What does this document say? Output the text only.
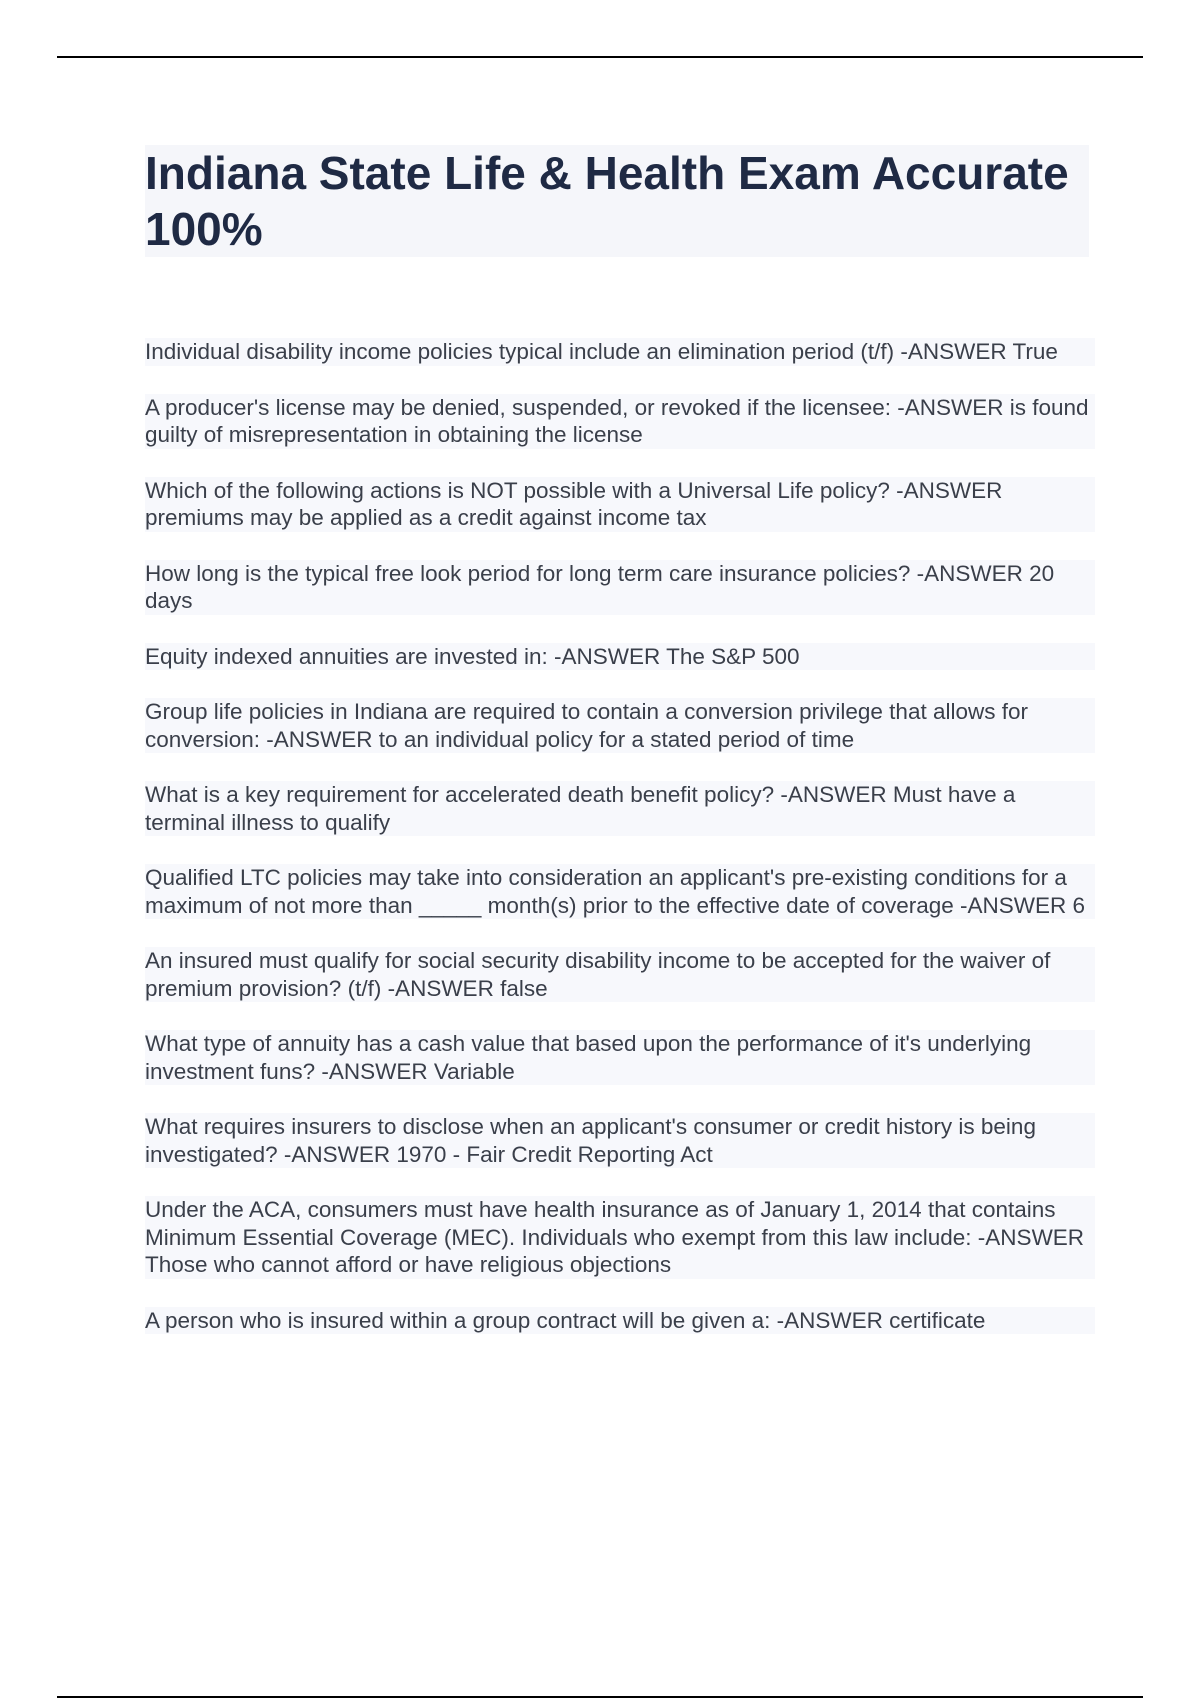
Indiana State Life & Health Exam Accurate 100%

Individual disability income policies typical include an elimination period (t/f) -ANSWER True

A producer's license may be denied, suspended, or revoked if the licensee: -ANSWER is found guilty of misrepresentation in obtaining the license

Which of the following actions is NOT possible with a Universal Life policy? -ANSWER premiums may be applied as a credit against income tax

How long is the typical free look period for long term care insurance policies? -ANSWER 20 days

Equity indexed annuities are invested in: -ANSWER The S&P 500

Group life policies in Indiana are required to contain a conversion privilege that allows for conversion: -ANSWER to an individual policy for a stated period of time

What is a key requirement for accelerated death benefit policy? -ANSWER Must have a terminal illness to qualify

Qualified LTC policies may take into consideration an applicant's pre-existing conditions for a maximum of not more than _____ month(s) prior to the effective date of coverage -ANSWER 6

An insured must qualify for social security disability income to be accepted for the waiver of premium provision? (t/f) -ANSWER false

What type of annuity has a cash value that based upon the performance of it's underlying investment funs? -ANSWER Variable

What requires insurers to disclose when an applicant's consumer or credit history is being investigated? -ANSWER 1970 - Fair Credit Reporting Act

Under the ACA, consumers must have health insurance as of January 1, 2014 that contains Minimum Essential Coverage (MEC). Individuals who exempt from this law include: -ANSWER Those who cannot afford or have religious objections

A person who is insured within a group contract will be given a: -ANSWER certificate
